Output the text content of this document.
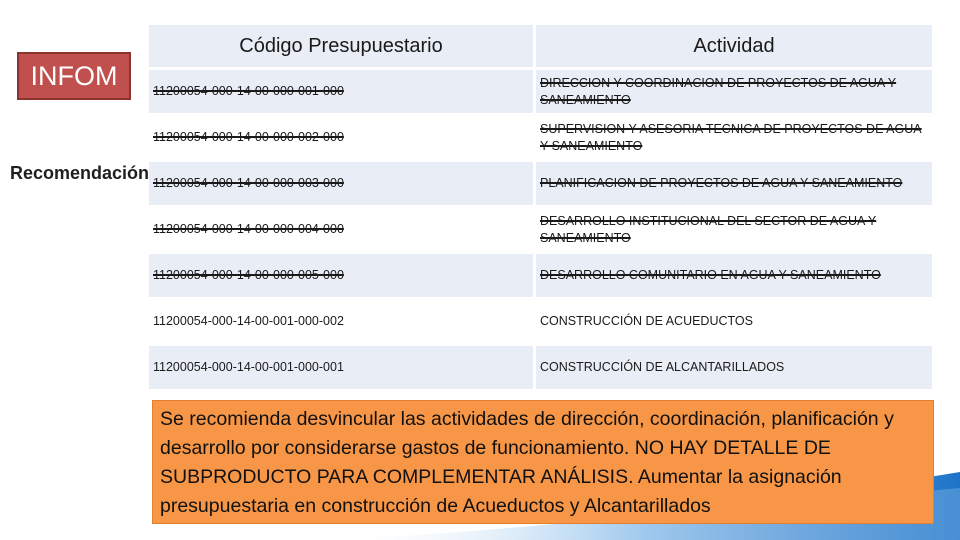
INFOM
Recomendación
Código Presupuestario	Actividad
11200054-000-14-00-000-001-000	DIRECCION Y COORDINACION DE PROYECTOS DE AGUA Y SANEAMIENTO
11200054-000-14-00-000-002-000	SUPERVISION Y ASESORIA TECNICA DE PROYECTOS DE AGUA Y SANEAMIENTO
11200054-000-14-00-000-003-000	PLANIFICACION DE PROYECTOS DE AGUA Y SANEAMIENTO
11200054-000-14-00-000-004-000	DESARROLLO INSTITUCIONAL DEL SECTOR DE AGUA Y SANEAMIENTO
11200054-000-14-00-000-005-000	DESARROLLO COMUNITARIO EN AGUA Y SANEAMIENTO
11200054-000-14-00-001-000-002	CONSTRUCCIÓN DE ACUEDUCTOS
11200054-000-14-00-001-000-001	CONSTRUCCIÓN DE ALCANTARILLADOS
Se recomienda desvincular las actividades de dirección, coordinación, planificación y desarrollo por considerarse gastos de funcionamiento. NO HAY DETALLE DE SUBPRODUCTO PARA COMPLEMENTAR ANÁLISIS. Aumentar la asignación presupuestaria en construcción de Acueductos y Alcantarillados
